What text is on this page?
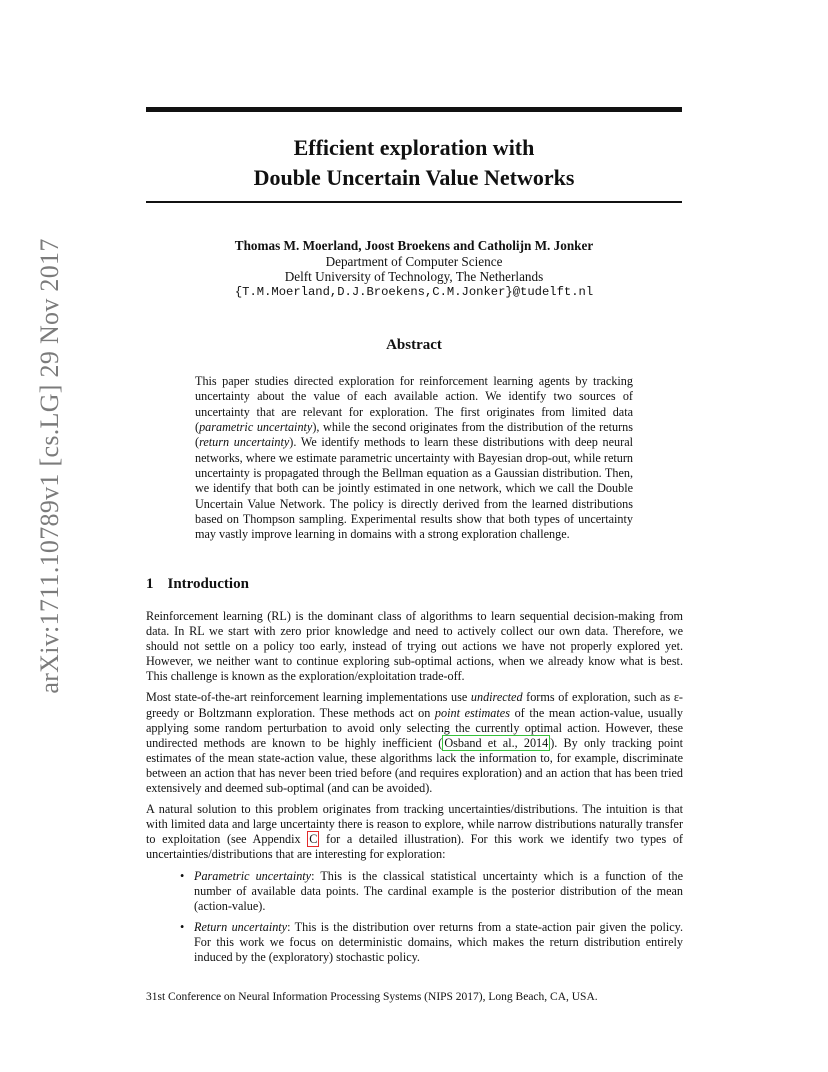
arXiv:1711.10789v1 [cs.LG] 29 Nov 2017
Efficient exploration with
Double Uncertain Value Networks
Thomas M. Moerland, Joost Broekens and Catholijn M. Jonker
Department of Computer Science
Delft University of Technology, The Netherlands
{T.M.Moerland,D.J.Broekens,C.M.Jonker}@tudelft.nl
Abstract
This paper studies directed exploration for reinforcement learning agents by tracking uncertainty about the value of each available action. We identify two sources of uncertainty that are relevant for exploration. The first originates from limited data (parametric uncertainty), while the second originates from the distribution of the returns (return uncertainty). We identify methods to learn these distributions with deep neural networks, where we estimate parametric uncertainty with Bayesian drop-out, while return uncertainty is propagated through the Bellman equation as a Gaussian distribution. Then, we identify that both can be jointly estimated in one network, which we call the Double Uncertain Value Network. The policy is directly derived from the learned distributions based on Thompson sampling. Experimental results show that both types of uncertainty may vastly improve learning in domains with a strong exploration challenge.
1 Introduction

Reinforcement learning (RL) is the dominant class of algorithms to learn sequential decision-making from data. In RL we start with zero prior knowledge and need to actively collect our own data. Therefore, we should not settle on a policy too early, instead of trying out actions we have not properly explored yet. However, we neither want to continue exploring sub-optimal actions, when we already know what is best. This challenge is known as the exploration/exploitation trade-off.

Most state-of-the-art reinforcement learning implementations use undirected forms of exploration, such as ε-greedy or Boltzmann exploration. These methods act on point estimates of the mean action-value, usually applying some random perturbation to avoid only selecting the currently optimal action. However, these undirected methods are known to be highly inefficient ( Osband et al., 2014 ). By only tracking point estimates of the mean state-action value, these algorithms lack the information to, for example, discriminate between an action that has never been tried before (and requires exploration) and an action that has been tried extensively and deemed sub-optimal (and can be avoided).

A natural solution to this problem originates from tracking uncertainties/distributions. The intuition is that with limited data and large uncertainty there is reason to explore, while narrow distributions naturally transfer to exploitation (see Appendix C for a detailed illustration). For this work we identify two types of uncertainties/distributions that are interesting for exploration:

• Parametric uncertainty: This is the classical statistical uncertainty which is a function of the number of available data points. The cardinal example is the posterior distribution of the mean (action-value).
• Return uncertainty: This is the distribution over returns from a state-action pair given the policy. For this work we focus on deterministic domains, which makes the return distribution entirely induced by the (exploratory) stochastic policy.
31st Conference on Neural Information Processing Systems (NIPS 2017), Long Beach, CA, USA.
